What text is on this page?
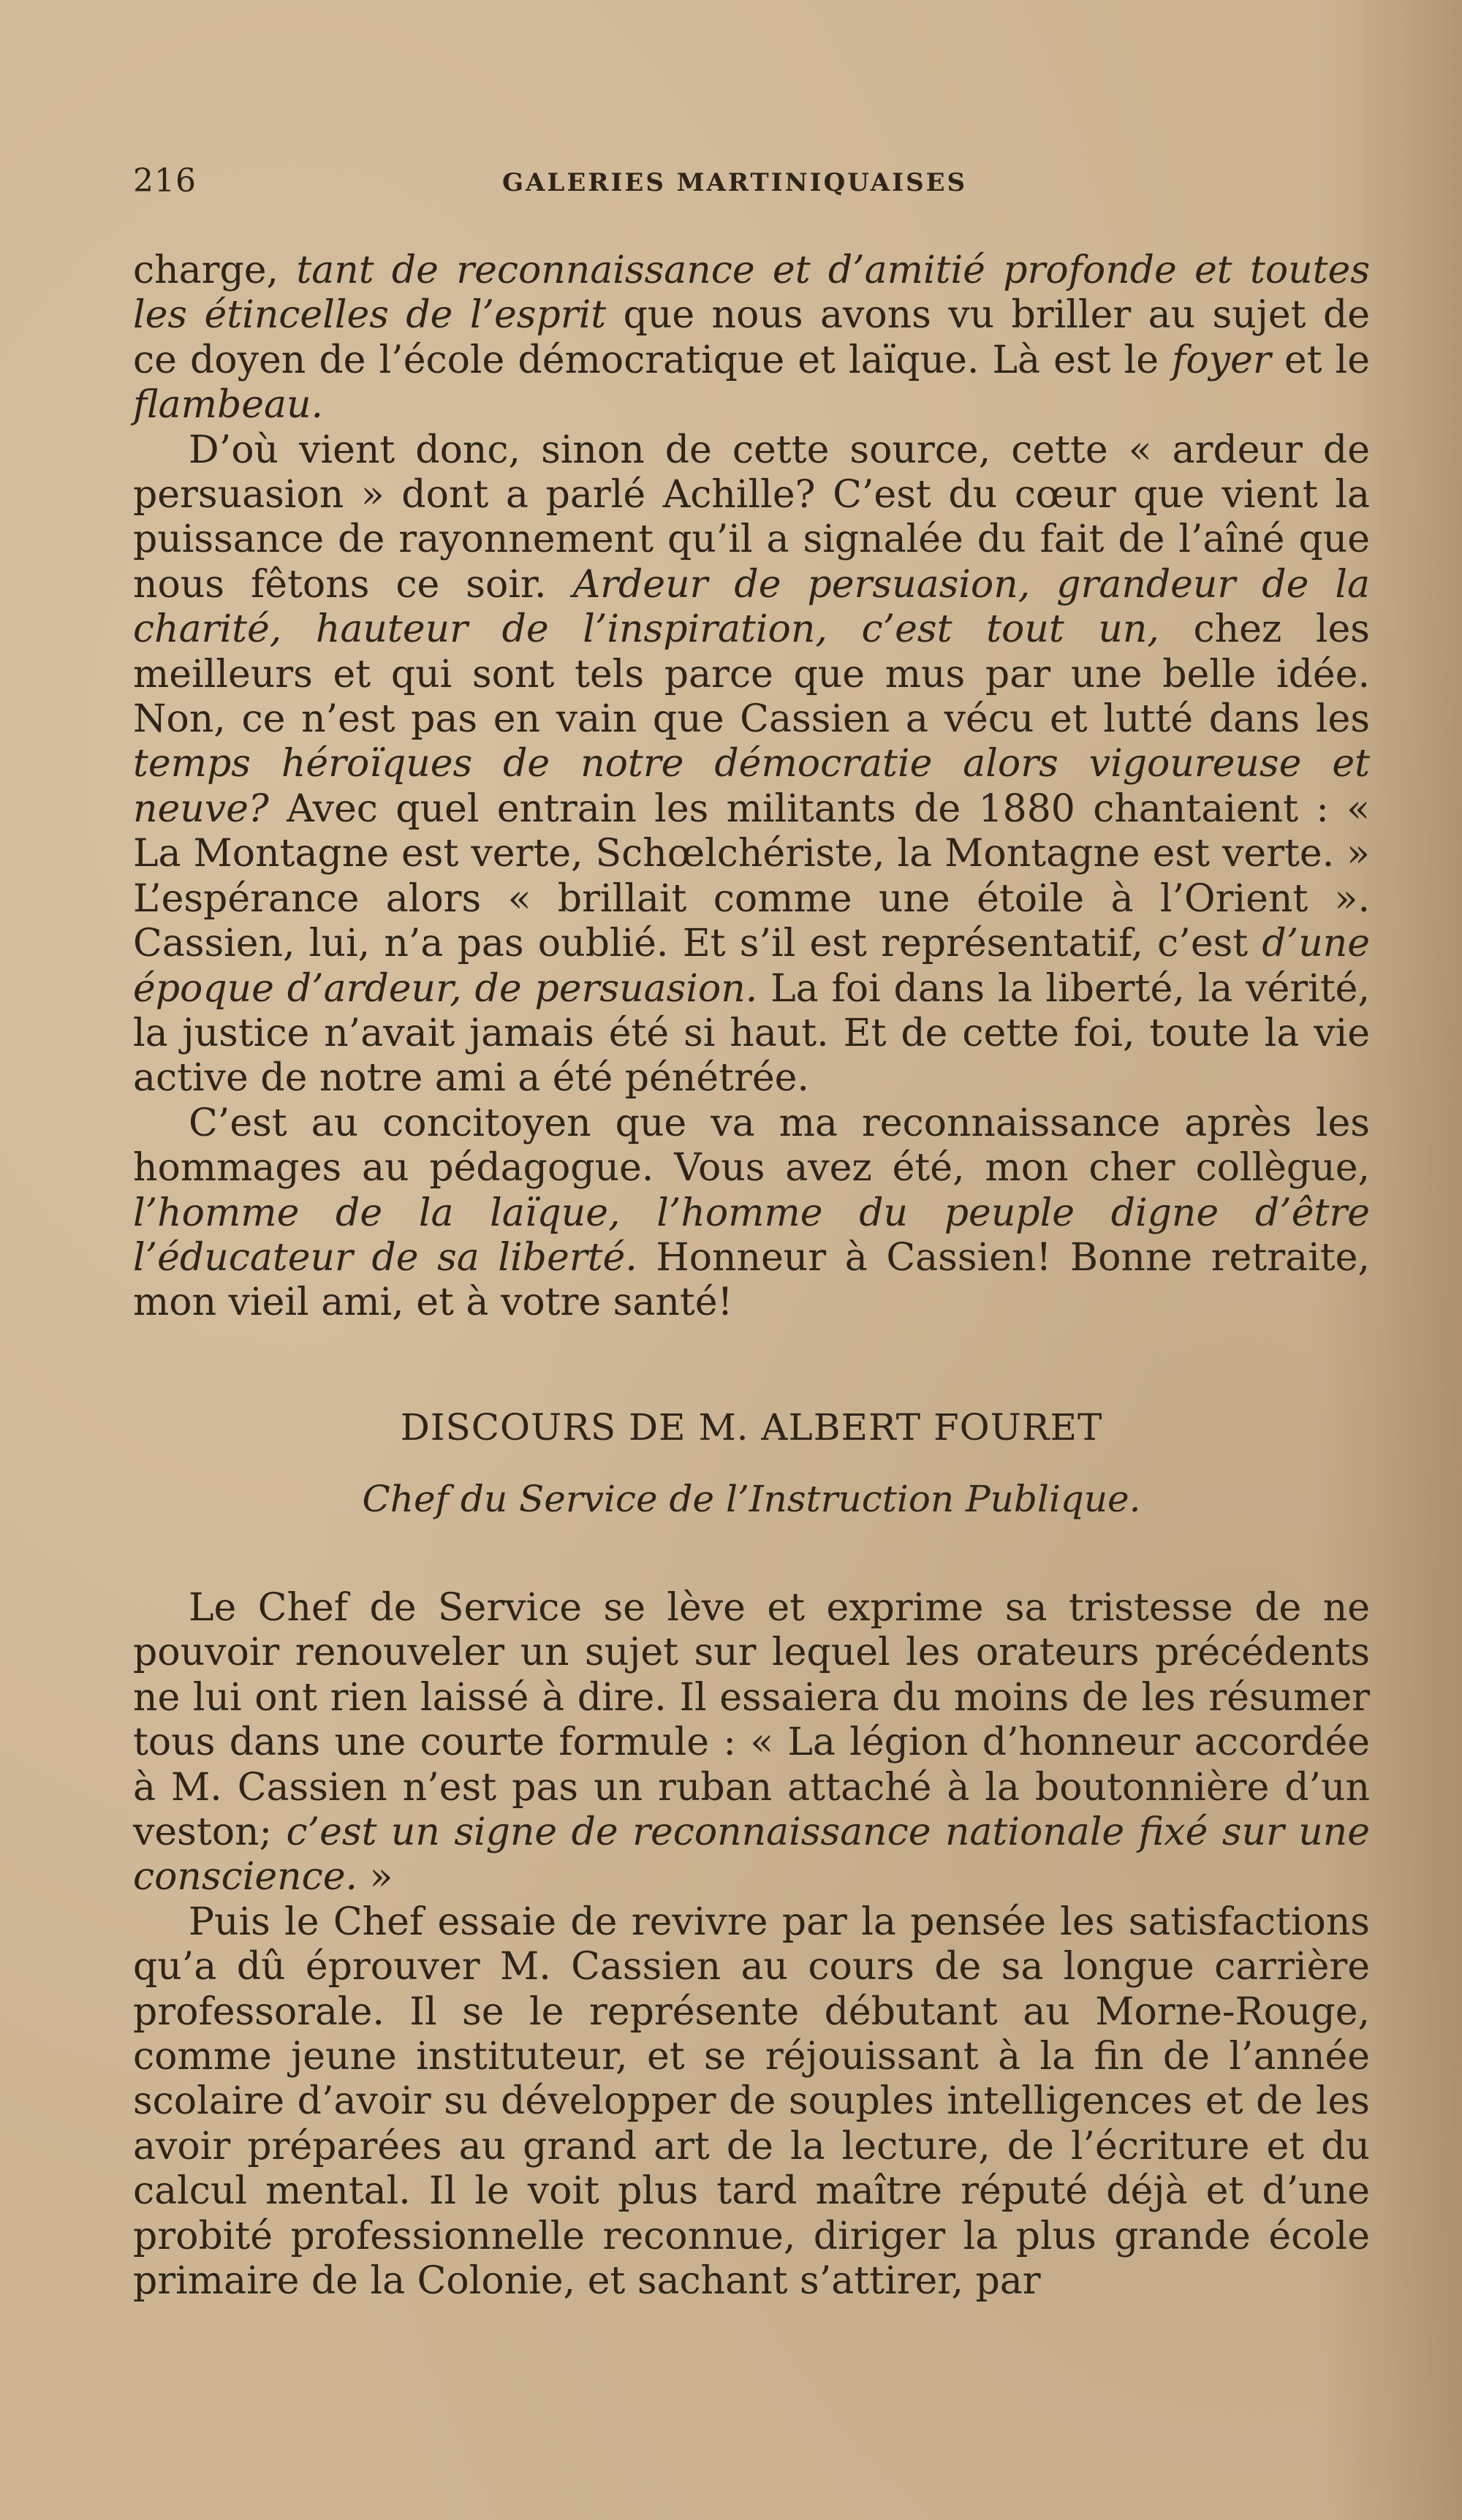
216	GALERIES MARTINIQUAISES

charge, tant de reconnaissance et d’amitié profonde et toutes les étincelles de l’esprit que nous avons vu briller au sujet de ce doyen de l’école démocratique et laïque. Là est le foyer et le flambeau.

D’où vient donc, sinon de cette source, cette « ardeur de persuasion » dont a parlé Achille? C’est du cœur que vient la puissance de rayonnement qu’il a signalée du fait de l’aîné que nous fêtons ce soir. Ardeur de persuasion, grandeur de la charité, hauteur de l’inspiration, c’est tout un, chez les meilleurs et qui sont tels parce que mus par une belle idée. Non, ce n’est pas en vain que Cassien a vécu et lutté dans les temps héroïques de notre démocratie alors vigoureuse et neuve? Avec quel entrain les militants de 1880 chantaient : « La Montagne est verte, Schœlchériste, la Montagne est verte. » L’espérance alors « brillait comme une étoile à l’Orient ». Cassien, lui, n’a pas oublié. Et s’il est représentatif, c’est d’une époque d’ardeur, de persuasion. La foi dans la liberté, la vérité, la justice n’avait jamais été si haut. Et de cette foi, toute la vie active de notre ami a été pénétrée.

C’est au concitoyen que va ma reconnaissance après les hommages au pédagogue. Vous avez été, mon cher collègue, l’homme de la laïque, l’homme du peuple digne d’être l’éducateur de sa liberté. Honneur à Cassien! Bonne retraite, mon vieil ami, et à votre santé!

DISCOURS DE M. ALBERT FOURET
Chef du Service de l’Instruction Publique.

Le Chef de Service se lève et exprime sa tristesse de ne pouvoir renouveler un sujet sur lequel les orateurs précédents ne lui ont rien laissé à dire. Il essaiera du moins de les résumer tous dans une courte formule : « La légion d’honneur accordée à M. Cassien n’est pas un ruban attaché à la boutonnière d’un veston; c’est un signe de reconnaissance nationale fixé sur une conscience. »

Puis le Chef essaie de revivre par la pensée les satisfactions qu’a dû éprouver M. Cassien au cours de sa longue carrière professorale. Il se le représente débutant au Morne-Rouge, comme jeune instituteur, et se réjouissant à la fin de l’année scolaire d’avoir su développer de souples intelligences et de les avoir préparées au grand art de la lecture, de l’écriture et du calcul mental. Il le voit plus tard maître réputé déjà et d’une probité professionnelle reconnue, diriger la plus grande école primaire de la Colonie, et sachant s’attirer, par
